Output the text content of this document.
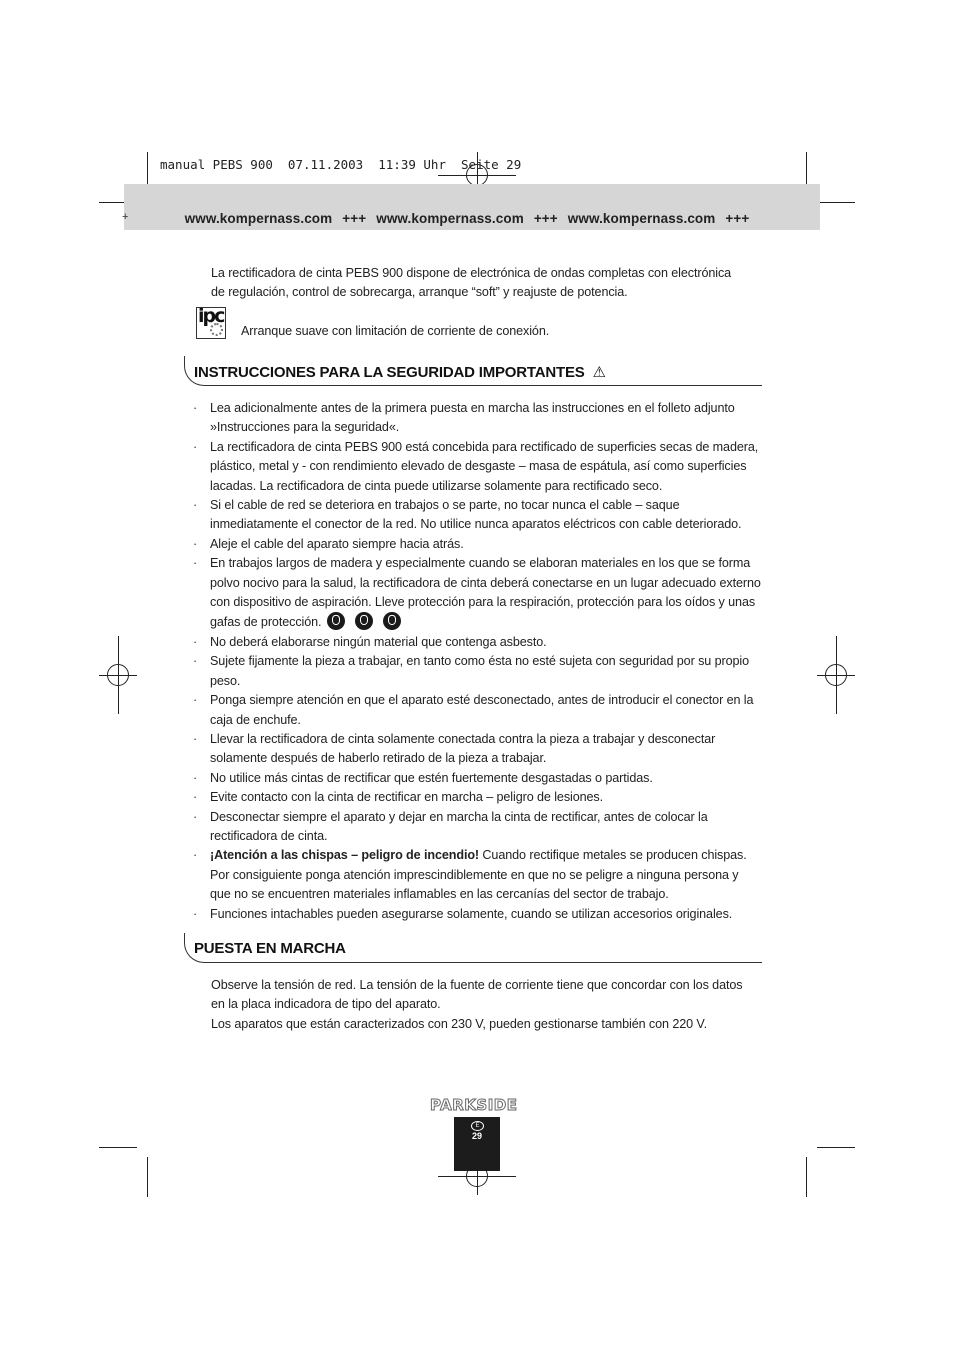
manual PEBS 900  07.11.2003  11:39 Uhr  Seite 29
+	www.kompernass.com +++ www.kompernass.com +++ www.kompernass.com +++
La rectificadora de cinta PEBS 900 dispone de electrónica de ondas completas con electrónica
de regulación, control de sobrecarga, arranque “soft” y reajuste de potencia.
ipc
Arranque suave con limitación de corriente de conexión.
INSTRUCCIONES PARA LA SEGURIDAD IMPORTANTES ⚠
· Lea adicionalmente antes de la primera puesta en marcha las instrucciones en el folleto adjunto »Instrucciones para la seguridad«.
· La rectificadora de cinta PEBS 900 está concebida para rectificado de superficies secas de madera, plástico, metal y - con rendimiento elevado de desgaste – masa de espátula, así como superficies lacadas. La rectificadora de cinta puede utilizarse solamente para rectificado seco.
· Si el cable de red se deteriora en trabajos o se parte, no tocar nunca el cable – saque inmediatamente el conector de la red. No utilice nunca aparatos eléctricos con cable deteriorado.
· Aleje el cable del aparato siempre hacia atrás.
· En trabajos largos de madera y especialmente cuando se elaboran materiales en los que se forma polvo nocivo para la salud, la rectificadora de cinta deberá conectarse en un lugar adecuado externo con dispositivo de aspiración. Lleve protección para la respiración, protección para los oídos y unas gafas de protección.
· No deberá elaborarse ningún material que contenga asbesto.
· Sujete fijamente la pieza a trabajar, en tanto como ésta no esté sujeta con seguridad por su propio peso.
· Ponga siempre atención en que el aparato esté desconectado, antes de introducir el conector en la caja de enchufe.
· Llevar la rectificadora de cinta solamente conectada contra la pieza a trabajar y desconectar solamente después de haberlo retirado de la pieza a trabajar.
· No utilice más cintas de rectificar que estén fuertemente desgastadas o partidas.
· Evite contacto con la cinta de rectificar en marcha – peligro de lesiones.
· Desconectar siempre el aparato y dejar en marcha la cinta de rectificar, antes de colocar la rectificadora de cinta.
· ¡Atención a las chispas – peligro de incendio! Cuando rectifique metales se producen chispas. Por consiguiente ponga atención imprescindiblemente en que no se peligre a ninguna persona y que no se encuentren materiales inflamables en las cercanías del sector de trabajo.
· Funciones intachables pueden asegurarse solamente, cuando se utilizan accesorios originales.
PUESTA EN MARCHA
Observe la tensión de red. La tensión de la fuente de corriente tiene que concordar con los datos
en la placa indicadora de tipo del aparato.
Los aparatos que están caracterizados con 230 V, pueden gestionarse también con 220 V.
PARKSIDE
E
29
